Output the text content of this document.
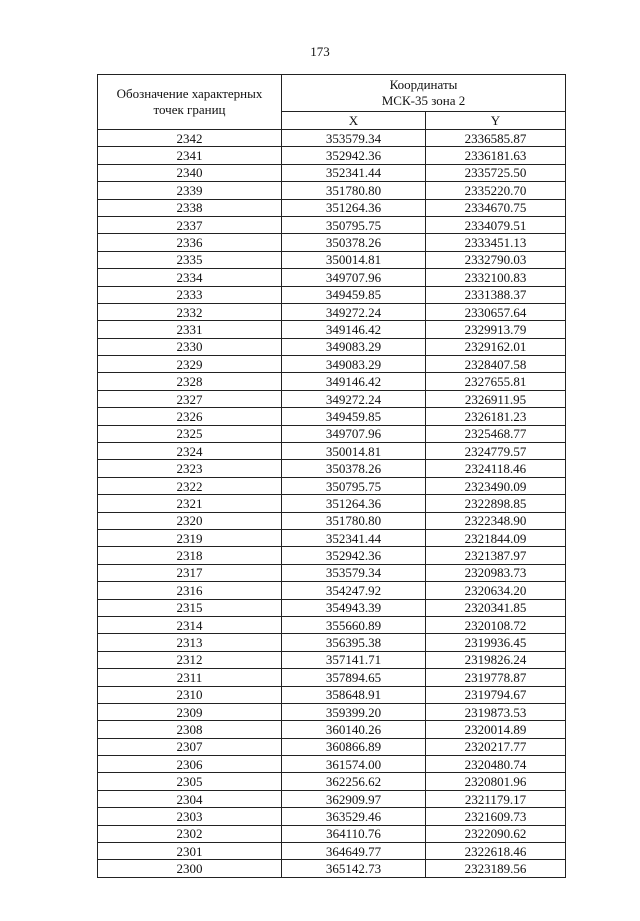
173
Обозначение характерных
точек границ	Координаты
МСК-35 зона 2	

	X	Y
2342	353579.34	2336585.87
2341	352942.36	2336181.63
2340	352341.44	2335725.50
2339	351780.80	2335220.70
2338	351264.36	2334670.75
2337	350795.75	2334079.51
2336	350378.26	2333451.13
2335	350014.81	2332790.03
2334	349707.96	2332100.83
2333	349459.85	2331388.37
2332	349272.24	2330657.64
2331	349146.42	2329913.79
2330	349083.29	2329162.01
2329	349083.29	2328407.58
2328	349146.42	2327655.81
2327	349272.24	2326911.95
2326	349459.85	2326181.23
2325	349707.96	2325468.77
2324	350014.81	2324779.57
2323	350378.26	2324118.46
2322	350795.75	2323490.09
2321	351264.36	2322898.85
2320	351780.80	2322348.90
2319	352341.44	2321844.09
2318	352942.36	2321387.97
2317	353579.34	2320983.73
2316	354247.92	2320634.20
2315	354943.39	2320341.85
2314	355660.89	2320108.72
2313	356395.38	2319936.45
2312	357141.71	2319826.24
2311	357894.65	2319778.87
2310	358648.91	2319794.67
2309	359399.20	2319873.53
2308	360140.26	2320014.89
2307	360866.89	2320217.77
2306	361574.00	2320480.74
2305	362256.62	2320801.96
2304	362909.97	2321179.17
2303	363529.46	2321609.73
2302	364110.76	2322090.62
2301	364649.77	2322618.46
2300	365142.73	2323189.56
